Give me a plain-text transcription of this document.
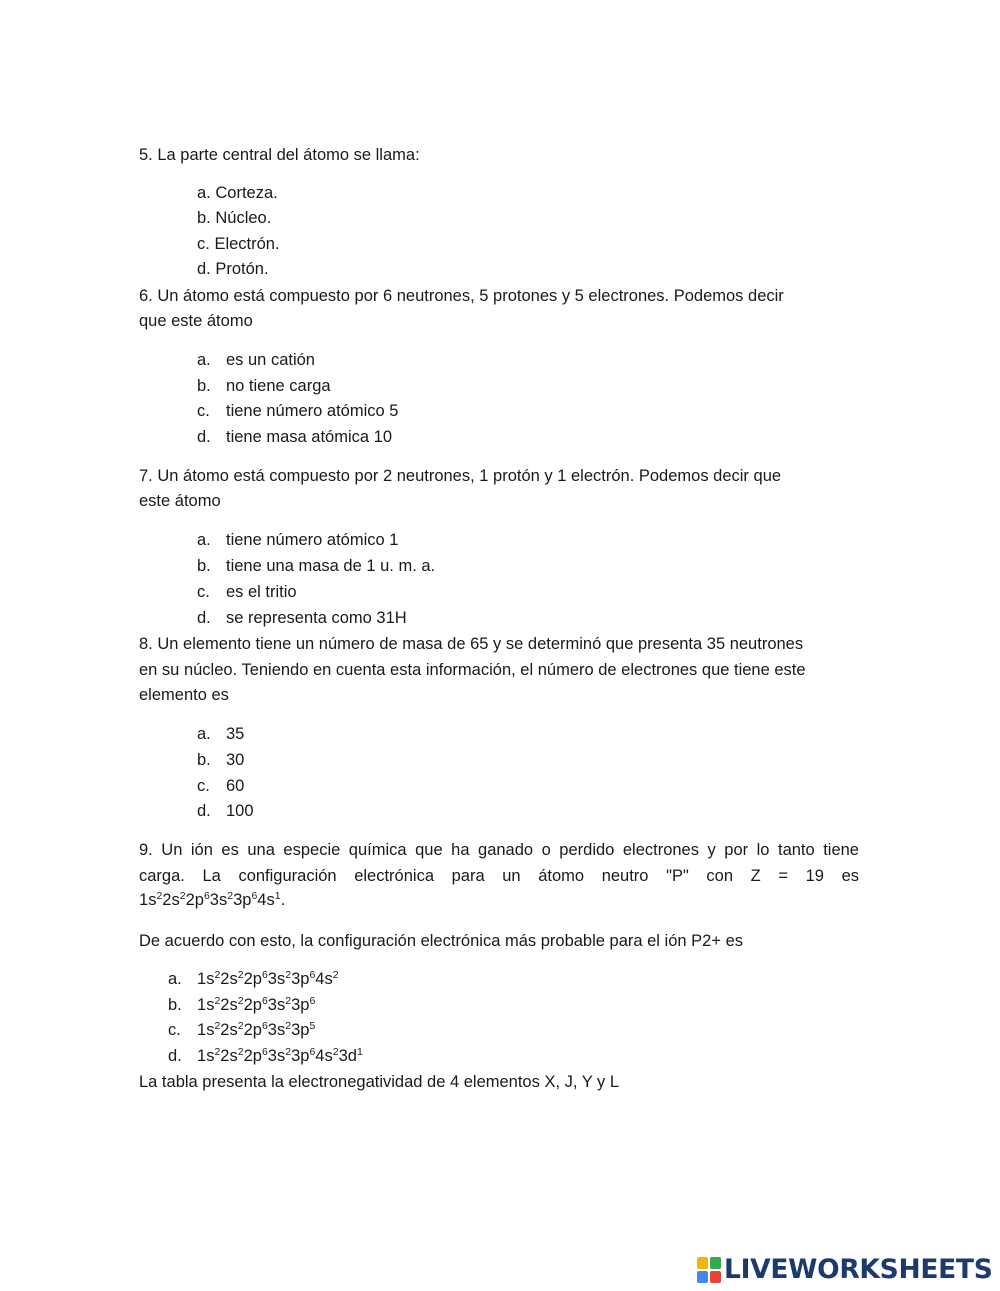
5. La parte central del átomo se llama:
a. Corteza.
b. Núcleo.
c. Electrón.
d. Protón.
6. Un átomo está compuesto por 6 neutrones, 5 protones y 5 electrones. Podemos decir
que este átomo
a. es un catión
b. no tiene carga
c. tiene número atómico 5
d. tiene masa atómica 10
7. Un átomo está compuesto por 2 neutrones, 1 protón y 1 electrón. Podemos decir que
este átomo
a. tiene número atómico 1
b. tiene una masa de 1 u. m. a.
c. es el tritio
d. se representa como 31H
8. Un elemento tiene un número de masa de 65 y se determinó que presenta 35 neutrones
en su núcleo. Teniendo en cuenta esta información, el número de electrones que tiene este
elemento es
a. 35
b. 30
c. 60
d. 100
9. Un ión es una especie química que ha ganado o perdido electrones y por lo tanto tiene
carga. La configuración electrónica para un átomo neutro "P" con Z = 19 es
$1s^22s^22p^63s^23p^64s^1$.
De acuerdo con esto, la configuración electrónica más probable para el ión P2+ es
a. $1s^22s^22p^63s^23p^64s^2$
b. $1s^22s^22p^63s^23p^6$
c. $1s^22s^22p^63s^23p^5$
d. $1s^22s^22p^63s^23p^64s^23d^1$
La tabla presenta la electronegatividad de 4 elementos X, J, Y y L
LIVEWORKSHEETS
